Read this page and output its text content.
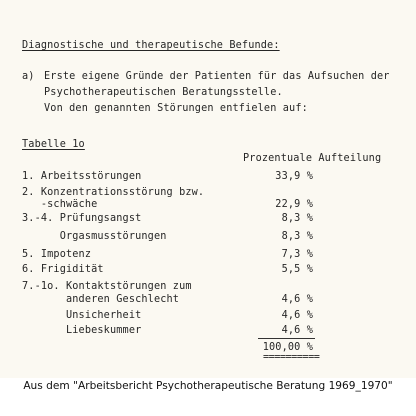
Diagnostische und therapeutische Befunde:
a) Erste eigene Gründe der Patienten für das Aufsuchen der
Psychotherapeutischen Beratungsstelle.
Von den genannten Störungen entfielen auf:
Tabelle 1o
Prozentuale Aufteilung
1. Arbeitsstörungen	33,9 %
2. Konzentrationsstörung bzw.
-schwäche	22,9 %
3.-4. Prüfungsangst	8,3 %
Orgasmusstörungen	8,3 %
5. Impotenz	7,3 %
6. Frigidität	5,5 %
7.-1o. Kontaktstörungen zum
anderen Geschlecht	4,6 %
Unsicherheit	4,6 %
Liebeskummer	4,6 %
100,00 %
==========
Aus dem "Arbeitsbericht Psychotherapeutische Beratung 1969_1970"
